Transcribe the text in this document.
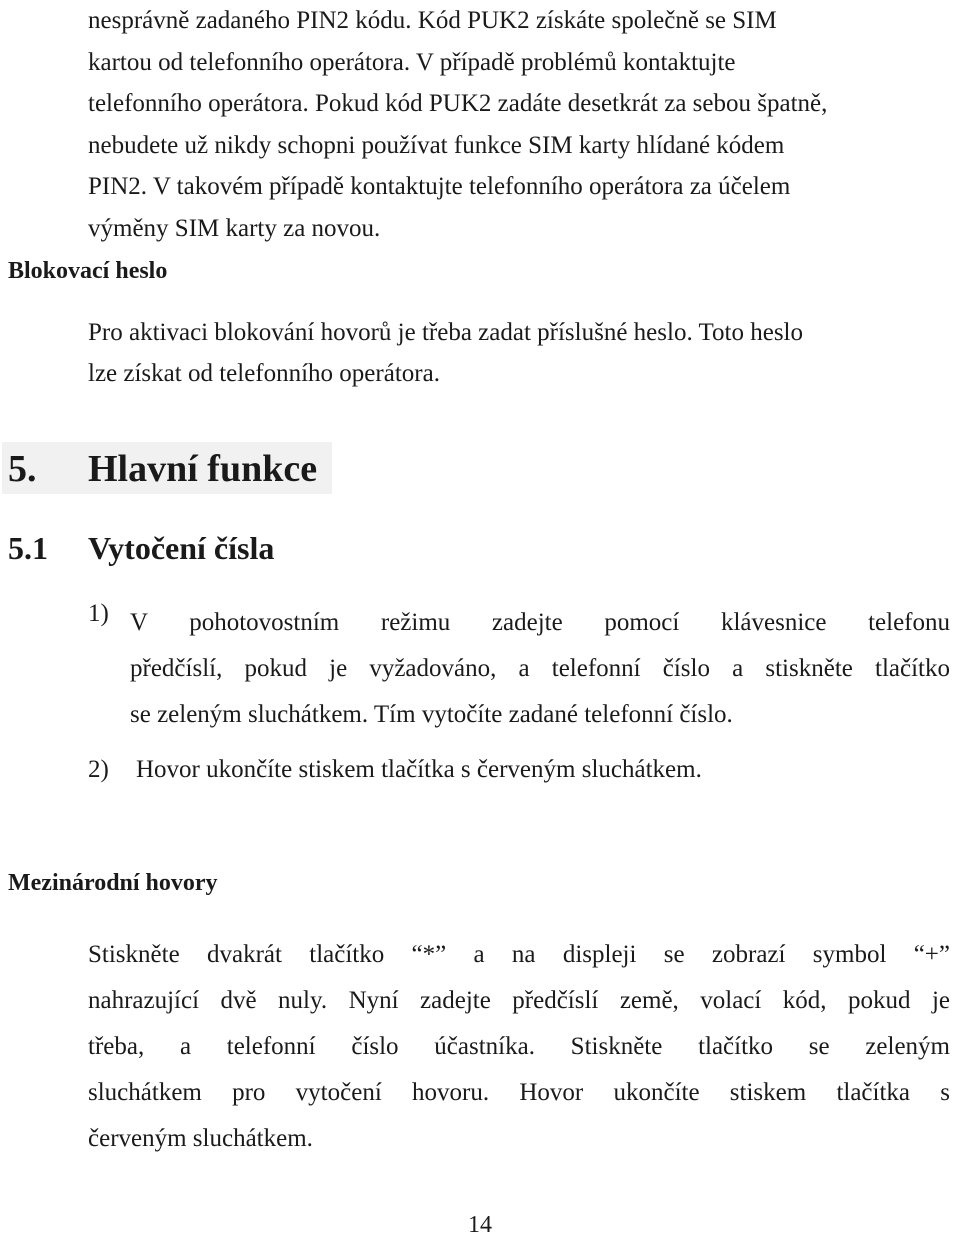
nesprávně zadaného PIN2 kódu. Kód PUK2 získáte společně se SIM

kartou od telefonního operátora. V případě problémů kontaktujte

telefonního operátora. Pokud kód PUK2 zadáte desetkrát za sebou špatně,

nebudete už nikdy schopni používat funkce SIM karty hlídané kódem

PIN2. V takovém případě kontaktujte telefonního operátora za účelem

výměny SIM karty za novou.

Blokovací heslo

Pro aktivaci blokování hovorů je třeba zadat příslušné heslo. Toto heslo

lze získat od telefonního operátora.

5. Hlavní funkce
5.1 Vytočení čísla
1) V pohotovostním režimu zadejte pomocí klávesnice telefonu

předčíslí, pokud je vyžadováno, a telefonní číslo a stiskněte tlačítko

se zeleným sluchátkem. Tím vytočíte zadané telefonní číslo.

2) Hovor ukončíte stiskem tlačítka s červeným sluchátkem.
Mezinárodní hovory

Stiskněte dvakrát tlačítko “*” a na displeji se zobrazí symbol “+”

nahrazující dvě nuly. Nyní zadejte předčíslí země, volací kód, pokud je

třeba, a telefonní číslo účastníka. Stiskněte tlačítko se zeleným

sluchátkem pro vytočení hovoru. Hovor ukončíte stiskem tlačítka s

červeným sluchátkem.

14
